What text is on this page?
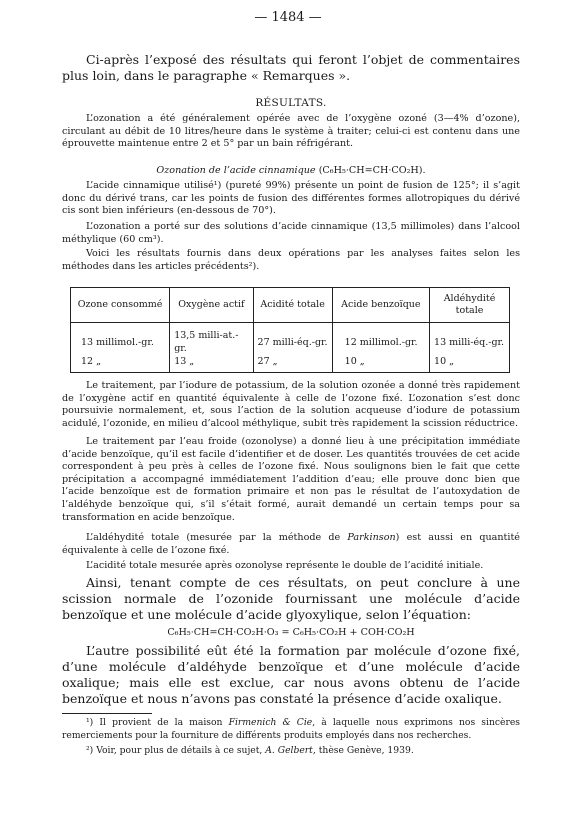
— 1484 —

Ci-après l’exposé des résultats qui feront l’objet de commentaires plus loin, dans le paragraphe « Remarques ».

RÉSULTATS.

L’ozonation a été généralement opérée avec de l’oxygène ozoné (3—4% d’ozone), circulant au débit de 10 litres/heure dans le système à traiter; celui-ci est contenu dans une éprouvette maintenue entre 2 et 5° par un bain réfrigérant.

Ozonation de l’acide cinnamique (C₆H₅·CH=CH·CO₂H).

L’acide cinnamique utilisé¹) (pureté 99%) présente un point de fusion de 125°; il s’agit donc du dérivé trans, car les points de fusion des différentes formes allotropiques du dérivé cis sont bien inférieurs (en-dessous de 70°).

L’ozonation a porté sur des solutions d’acide cinnamique (13,5 millimoles) dans l’alcool méthylique (60 cm³).

Voici les résultats fournis dans deux opérations par les analyses faites selon les méthodes dans les articles précédents²).

Ozone consommé	Oxygène actif	Acidité totale	Acide benzoïque	Aldéhydité totale

13 millimol.-gr.	13,5 milli-at.-gr.	27 milli-éq.-gr.	12 millimol.-gr.	13 milli-éq.-gr.
12 „	13 „	27 „	10 „	10 „

Le traitement, par l’iodure de potassium, de la solution ozonée a donné très rapidement de l’oxygène actif en quantité équivalente à celle de l’ozone fixé. L’ozonation s’est donc poursuivie normalement, et, sous l’action de la solution acqueuse d’iodure de potassium acidulé, l’ozonide, en milieu d’alcool méthylique, subit très rapidement la scission réductrice.

Le traitement par l’eau froide (ozonolyse) a donné lieu à une précipitation immédiate d’acide benzoïque, qu’il est facile d’identifier et de doser. Les quantités trouvées de cet acide correspondent à peu près à celles de l’ozone fixé. Nous soulignons bien le fait que cette précipitation a accompagné immédiatement l’addition d’eau; elle prouve donc bien que l’acide benzoïque est de formation primaire et non pas le résultat de l’autoxydation de l’aldéhyde benzoïque qui, s’il s’était formé, aurait demandé un certain temps pour sa transformation en acide benzoïque.

L’aldéhydité totale (mesurée par la méthode de Parkinson) est aussi en quantité équivalente à celle de l’ozone fixé.

L’acidité totale mesurée après ozonolyse représente le double de l’acidité initiale.

Ainsi, tenant compte de ces résultats, on peut conclure à une scission normale de l’ozonide fournissant une molécule d’acide benzoïque et une molécule d’acide glyoxylique, selon l’équation:

C₆H₅·CH=CH·CO₂H·O₃ = C₆H₅·CO₂H + COH·CO₂H

L’autre possibilité eût été la formation par molécule d’ozone fixé, d’une molécule d’aldéhyde benzoïque et d’une molécule d’acide oxalique; mais elle est exclue, car nous avons obtenu de l’acide benzoïque et nous n’avons pas constaté la présence d’acide oxalique.

¹) Il provient de la maison Firmenich & Cie, à laquelle nous exprimons nos sincères remerciements pour la fourniture de différents produits employés dans nos recherches.

²) Voir, pour plus de détails à ce sujet, A. Gelbert, thèse Genève, 1939.
